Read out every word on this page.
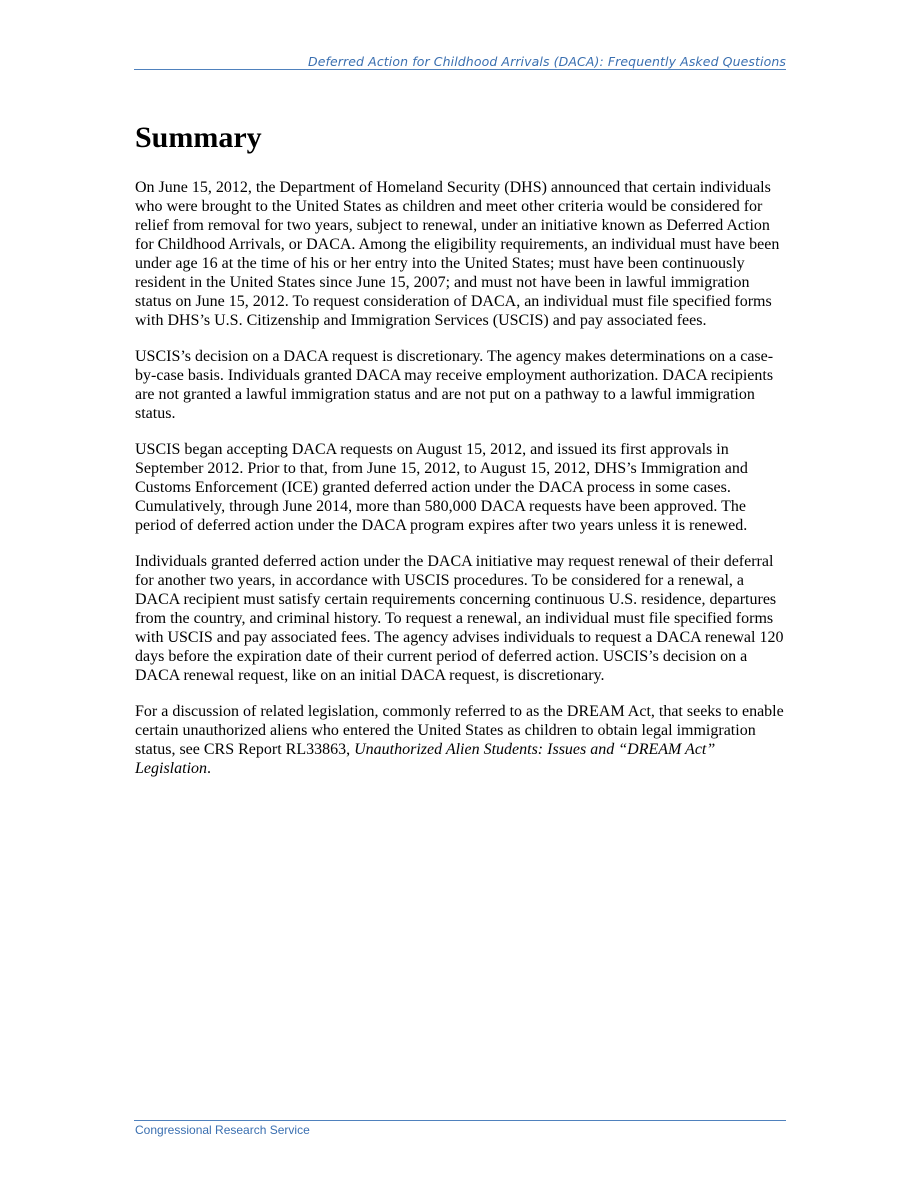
Deferred Action for Childhood Arrivals (DACA): Frequently Asked Questions
Summary

On June 15, 2012, the Department of Homeland Security (DHS) announced that certain individuals who were brought to the United States as children and meet other criteria would be considered for relief from removal for two years, subject to renewal, under an initiative known as Deferred Action for Childhood Arrivals, or DACA. Among the eligibility requirements, an individual must have been under age 16 at the time of his or her entry into the United States; must have been continuously resident in the United States since June 15, 2007; and must not have been in lawful immigration status on June 15, 2012. To request consideration of DACA, an individual must file specified forms with DHS’s U.S. Citizenship and Immigration Services (USCIS) and pay associated fees.

USCIS’s decision on a DACA request is discretionary. The agency makes determinations on a case-by-case basis. Individuals granted DACA may receive employment authorization. DACA recipients are not granted a lawful immigration status and are not put on a pathway to a lawful immigration status.

USCIS began accepting DACA requests on August 15, 2012, and issued its first approvals in September 2012. Prior to that, from June 15, 2012, to August 15, 2012, DHS’s Immigration and Customs Enforcement (ICE) granted deferred action under the DACA process in some cases. Cumulatively, through June 2014, more than 580,000 DACA requests have been approved. The period of deferred action under the DACA program expires after two years unless it is renewed.

Individuals granted deferred action under the DACA initiative may request renewal of their deferral for another two years, in accordance with USCIS procedures. To be considered for a renewal, a DACA recipient must satisfy certain requirements concerning continuous U.S. residence, departures from the country, and criminal history. To request a renewal, an individual must file specified forms with USCIS and pay associated fees. The agency advises individuals to request a DACA renewal 120 days before the expiration date of their current period of deferred action. USCIS’s decision on a DACA renewal request, like on an initial DACA request, is discretionary.

For a discussion of related legislation, commonly referred to as the DREAM Act, that seeks to enable certain unauthorized aliens who entered the United States as children to obtain legal immigration status, see CRS Report RL33863, Unauthorized Alien Students: Issues and “DREAM Act” Legislation.

Congressional Research Service
